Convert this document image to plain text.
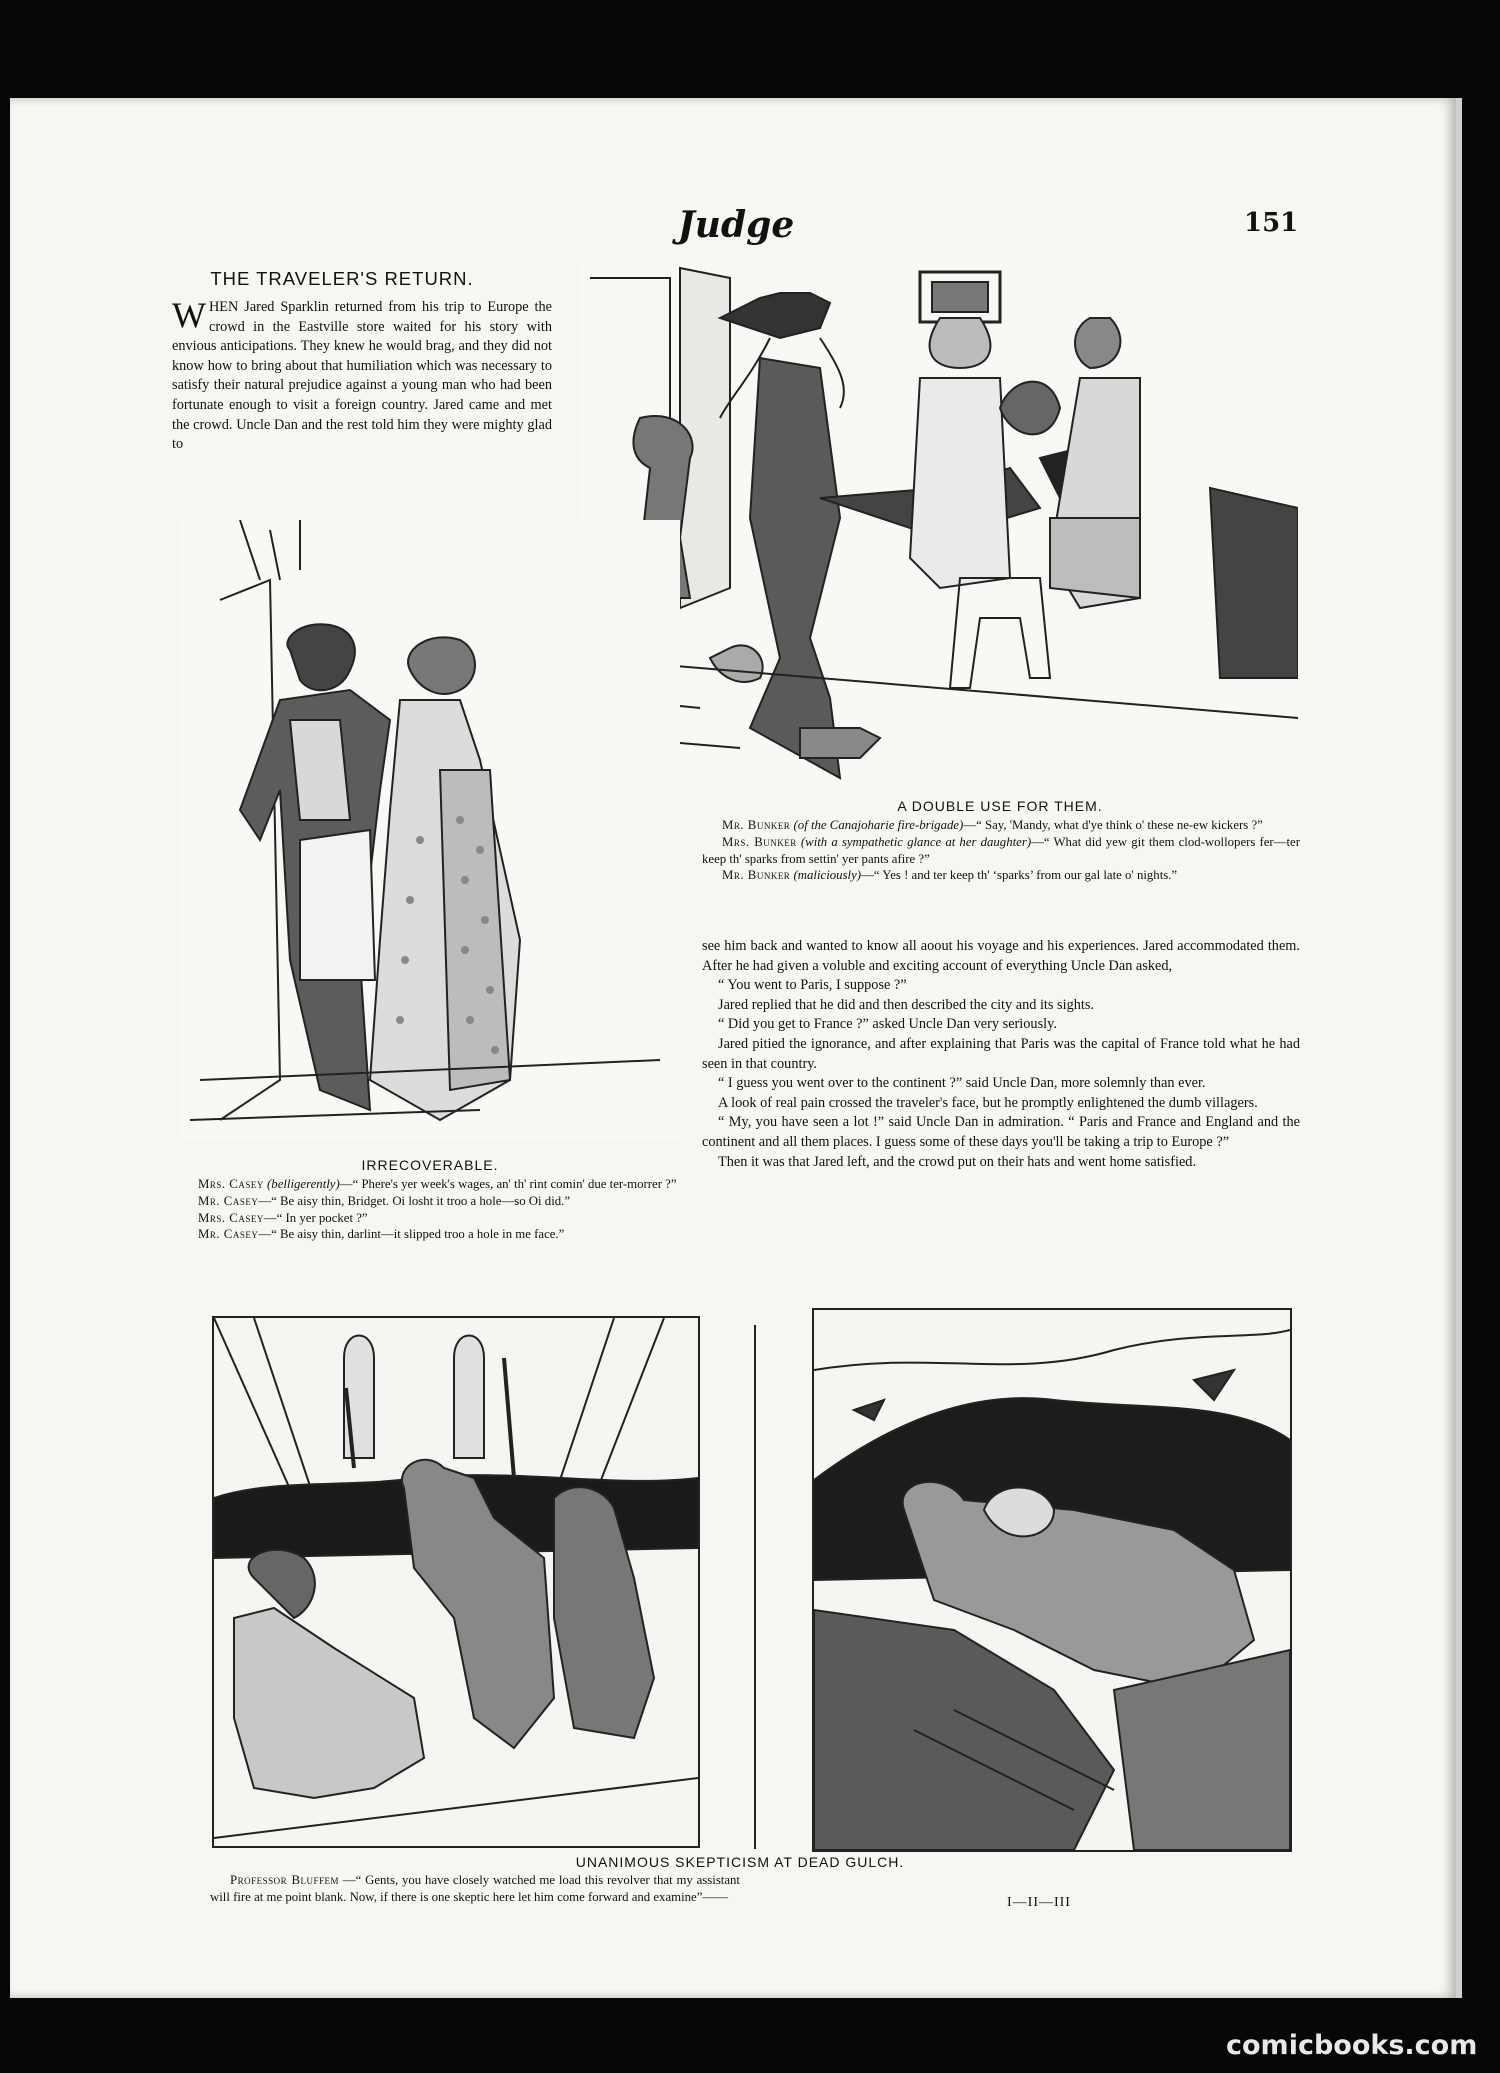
Judge	151
THE TRAVELER'S RETURN.

WHEN Jared Sparklin returned from his trip to Europe the crowd in the Eastville store waited for his story with envious anticipations. They knew he would brag, and they did not know how to bring about that humiliation which was necessary to satisfy their natural prejudice against a young man who had been fortunate enough to visit a foreign country. Jared came and met the crowd. Uncle Dan and the rest told him they were mighty glad to

A DOUBLE USE FOR THEM.

Mr. Bunker (of the Canajoharie fire-brigade)—“ Say, 'Mandy, what d'ye think o' these ne-ew kickers ?”

Mrs. Bunker (with a sympathetic glance at her daughter)—“ What did yew git them clod-wollopers fer—ter keep th' sparks from settin' yer pants afire ?”

Mr. Bunker (maliciously)—“ Yes ! and ter keep th' ‘sparks’ from our gal late o' nights.”

IRRECOVERABLE.

Mrs. Casey (belligerently)—“ Phere's yer week's wages, an' th' rint comin' due ter-morrer ?”

Mr. Casey—“ Be aisy thin, Bridget. Oi losht it troo a hole—so Oi did.”

Mrs. Casey—“ In yer pocket ?”

Mr. Casey—“ Be aisy thin, darlint—it slipped troo a hole in me face.”

see him back and wanted to know all aoout his voyage and his experiences. Jared accommodated them. After he had given a voluble and exciting account of everything Uncle Dan asked,

“ You went to Paris, I suppose ?”

Jared replied that he did and then described the city and its sights.

“ Did you get to France ?” asked Uncle Dan very seriously.

Jared pitied the ignorance, and after explaining that Paris was the capital of France told what he had seen in that country.

“ I guess you went over to the continent ?” said Uncle Dan, more solemnly than ever.

A look of real pain crossed the traveler's face, but he promptly enlightened the dumb villagers.

“ My, you have seen a lot !” said Uncle Dan in admiration. “ Paris and France and England and the continent and all them places. I guess some of these days you'll be taking a trip to Europe ?”

Then it was that Jared left, and the crowd put on their hats and went home satisfied.

UNANIMOUS SKEPTICISM AT DEAD GULCH.

Professor Bluffem —“ Gents, you have closely watched me load this revolver that my assistant will fire at me point blank. Now, if there is one skeptic here let him come forward and examine”——	I—II—III
comicbooks.com
